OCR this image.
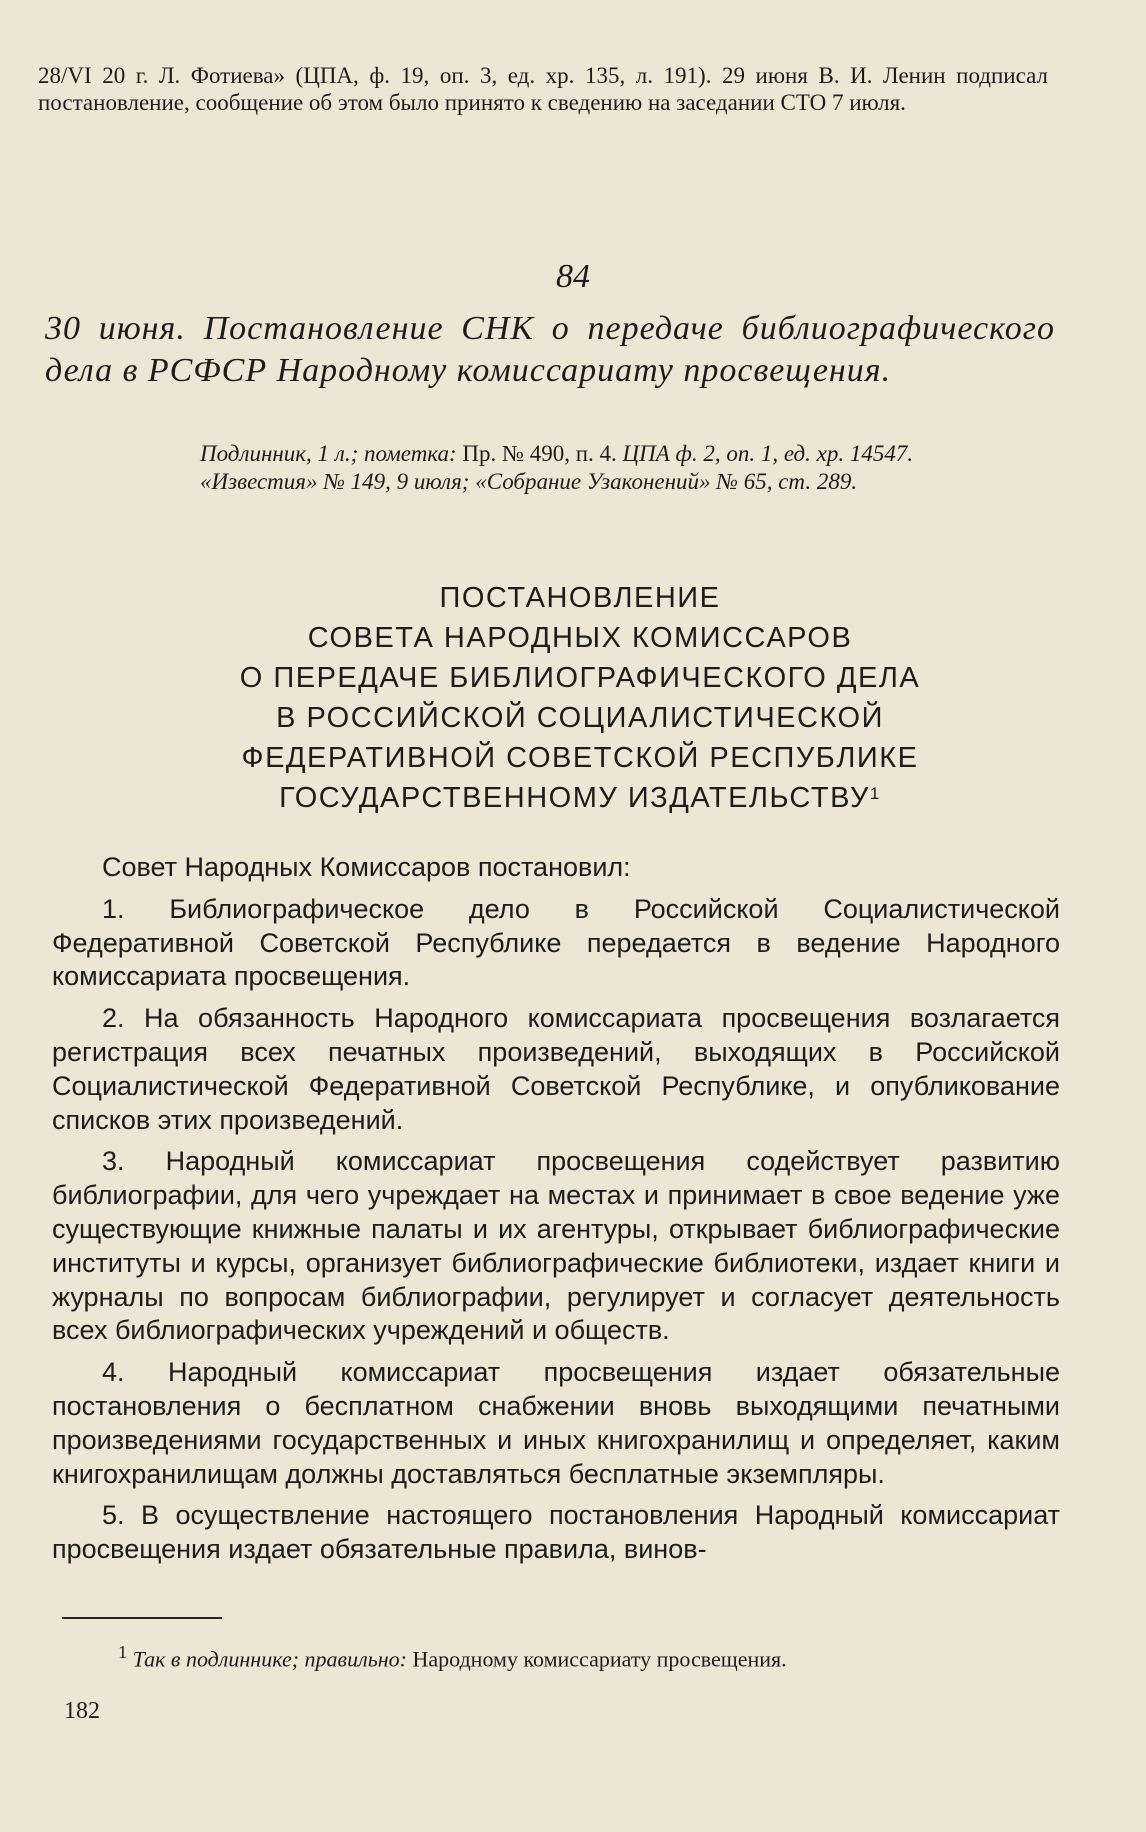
28/VI 20 г. Л. Фотиева» (ЦПА, ф. 19, оп. 3, ед. хр. 135, л. 191). 29 июня В. И. Ленин подписал постановление, сообщение об этом было принято к сведению на заседании СТО 7 июля.
84
30 июня. Постановление СНК о передаче библиографического дела в РСФСР Народному комиссариату просвещения.

Подлинник, 1 л.; пометка: Пр. № 490, п. 4. ЦПА ф. 2, оп. 1, ед. хр. 14547.

«Известия» № 149, 9 июля; «Собрание Узаконений» № 65, ст. 289.

ПОСТАНОВЛЕНИЕ
СОВЕТА НАРОДНЫХ КОМИССАРОВ
О ПЕРЕДАЧЕ БИБЛИОГРАФИЧЕСКОГО ДЕЛА
В РОССИЙСКОЙ СОЦИАЛИСТИЧЕСКОЙ
ФЕДЕРАТИВНОЙ СОВЕТСКОЙ РЕСПУБЛИКЕ
ГОСУДАРСТВЕННОМУ ИЗДАТЕЛЬСТВУ$^1$

Совет Народных Комиссаров постановил:

1. Библиографическое дело в Российской Социалистической Федеративной Советской Республике передается в ведение Народного комиссариата просвещения.

2. На обязанность Народного комиссариата просвещения возлагается регистрация всех печатных произведений, выходящих в Российской Социалистической Федеративной Советской Республике, и опубликование списков этих произведений.

3. Народный комиссариат просвещения содействует развитию библиографии, для чего учреждает на местах и принимает в свое ведение уже существующие книжные палаты и их агентуры, открывает библиографические институты и курсы, организует библиографические библиотеки, издает книги и журналы по вопросам библиографии, регулирует и согласует деятельность всех библиографических учреждений и обществ.

4. Народный комиссариат просвещения издает обязательные постановления о бесплатном снабжении вновь выходящими печатными произведениями государственных и иных книгохранилищ и определяет, каким книгохранилищам должны доставляться бесплатные экземпляры.

5. В осуществление настоящего постановления Народный комиссариат просвещения издает обязательные правила, винов-

$^1$ Так в подлиннике; правильно: Народному комиссариату просвещения.
182
